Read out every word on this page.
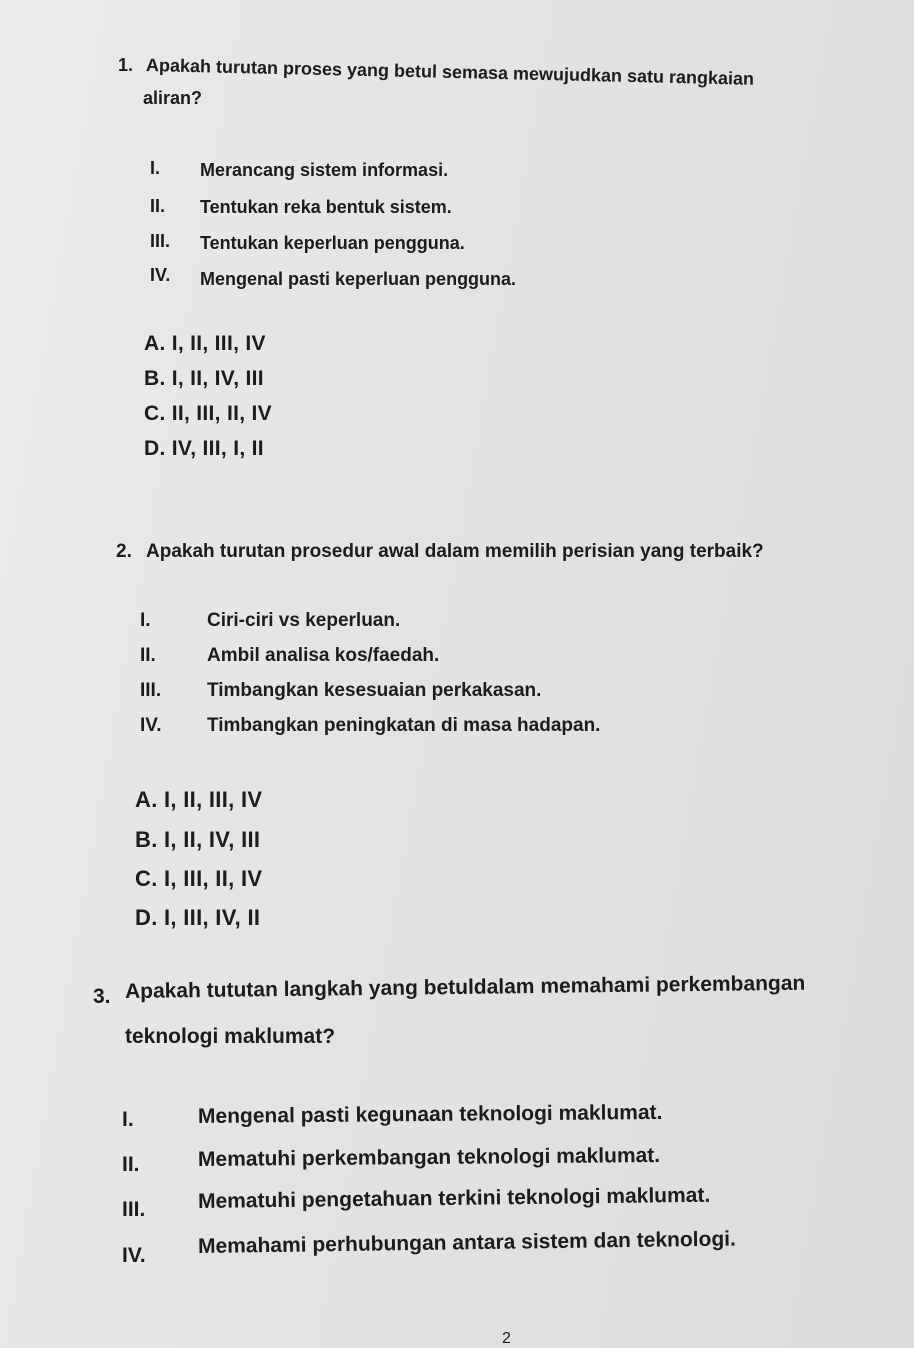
1. Apakah turutan proses yang betul semasa mewujudkan satu rangkaian
aliran?
I. Merancang sistem informasi.
II. Tentukan reka bentuk sistem.
III. Tentukan keperluan pengguna.
IV. Mengenal pasti keperluan pengguna.
A. I, II, III, IV
B. I, II, IV, III
C. II, III, II, IV
D. IV, III, I, II
2. Apakah turutan prosedur awal dalam memilih perisian yang terbaik?
I.	Ciri-ciri vs keperluan.
II.	Ambil analisa kos/faedah.
III. Timbangkan kesesuaian perkakasan.
IV. Timbangkan peningkatan di masa hadapan.
A. I, II, III, IV
B. I, II, IV, III
C. I, III, II, IV
D. I, III, IV, II
3. Apakah tututan langkah yang betuldalam memahami perkembangan
teknologi maklumat?
I.	Mengenal pasti kegunaan teknologi maklumat.
II.	Mematuhi perkembangan teknologi maklumat.
III.	Mematuhi pengetahuan terkini teknologi maklumat.
IV. Memahami perhubungan antara sistem dan teknologi.
2
